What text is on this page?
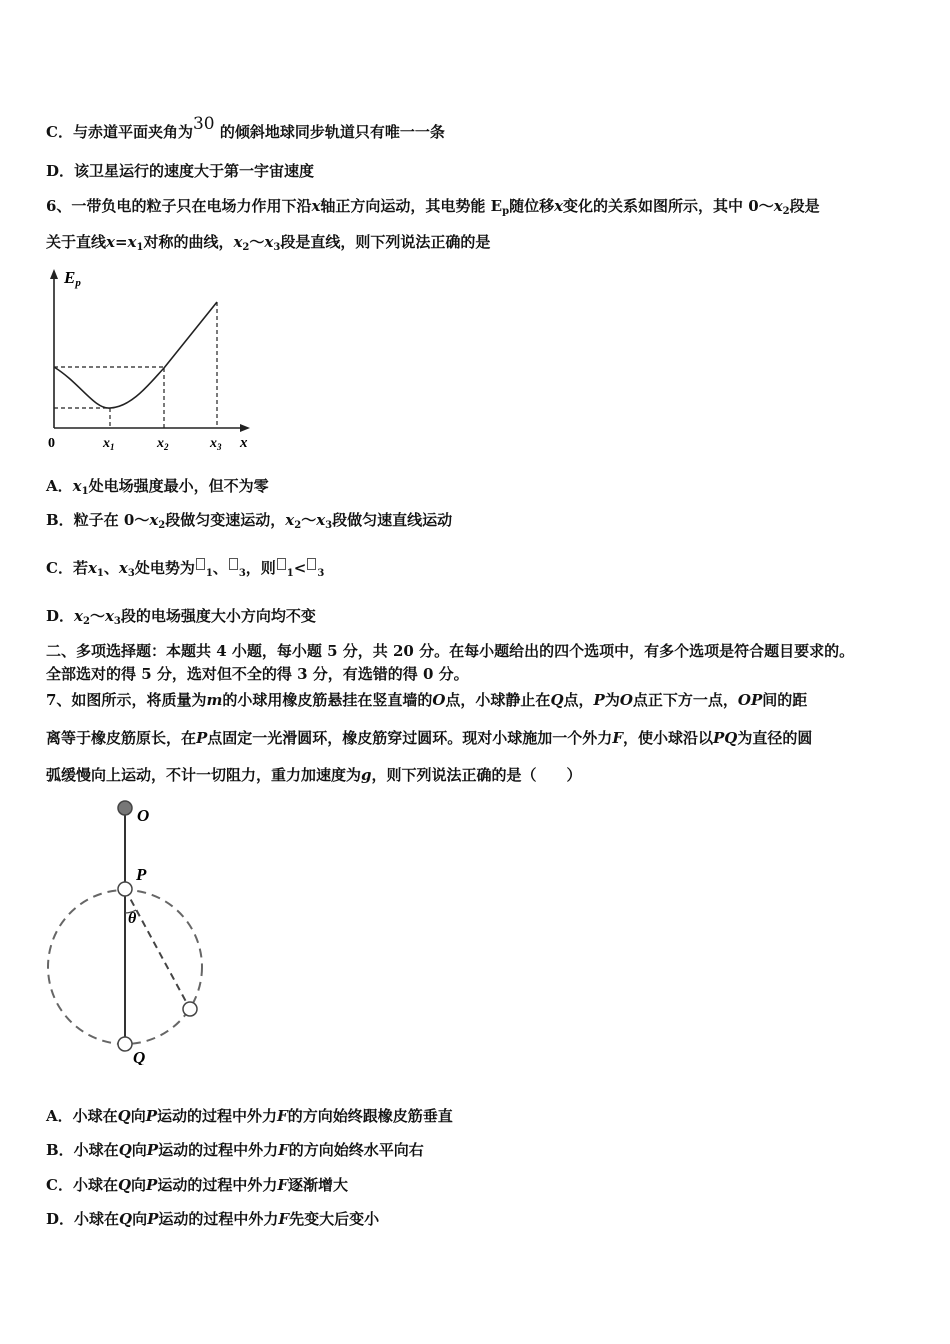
C．与赤道平面夹角为30 的倾斜地球同步轨道只有唯一一条
D．该卫星运行的速度大于第一宇宙速度
6、一带负电的粒子只在电场力作用下沿x轴正方向运动，其电势能 $E_p$随位移x变化的关系如图所示，其中 $0\sim x_2$段是
关于直线$x=x_1$对称的曲线，$x_2\sim x_3$段是直线，则下列说法正确的是
Ep
0	$x_1$	$x_2$	$x_3$ x
A．$x_1$处电场强度最小，但不为零
B．粒子在 $0\sim x_2$段做匀变速运动，$x_2\sim x_3$段做匀速直线运动
C．若$x_1$、$x_3$处电势为 $_1$、 $_3$，则 $_1$< $_3$
D．$x_2\sim x_3$段的电场强度大小方向均不变
二、多项选择题：本题共 4 小题，每小题 5 分，共 20 分。在每小题给出的四个选项中，有多个选项是符合题目要求的。
全部选对的得 5 分，选对但不全的得 3 分，有选错的得 0 分。
7、如图所示，将质量为m的小球用橡皮筋悬挂在竖直墙的O点，小球静止在Q点，P为O点正下方一点，OP间的距
离等于橡皮筋原长，在P点固定一光滑圆环，橡皮筋穿过圆环。现对小球施加一个外力F，使小球沿以PQ为直径的圆
弧缓慢向上运动，不计一切阻力，重力加速度为g，则下列说法正确的是（　　）
O
P
θ
Q
A．小球在Q向P运动的过程中外力F的方向始终跟橡皮筋垂直
B．小球在Q向P运动的过程中外力F的方向始终水平向右
C．小球在Q向P运动的过程中外力F逐渐增大
D．小球在Q向P运动的过程中外力F先变大后变小
